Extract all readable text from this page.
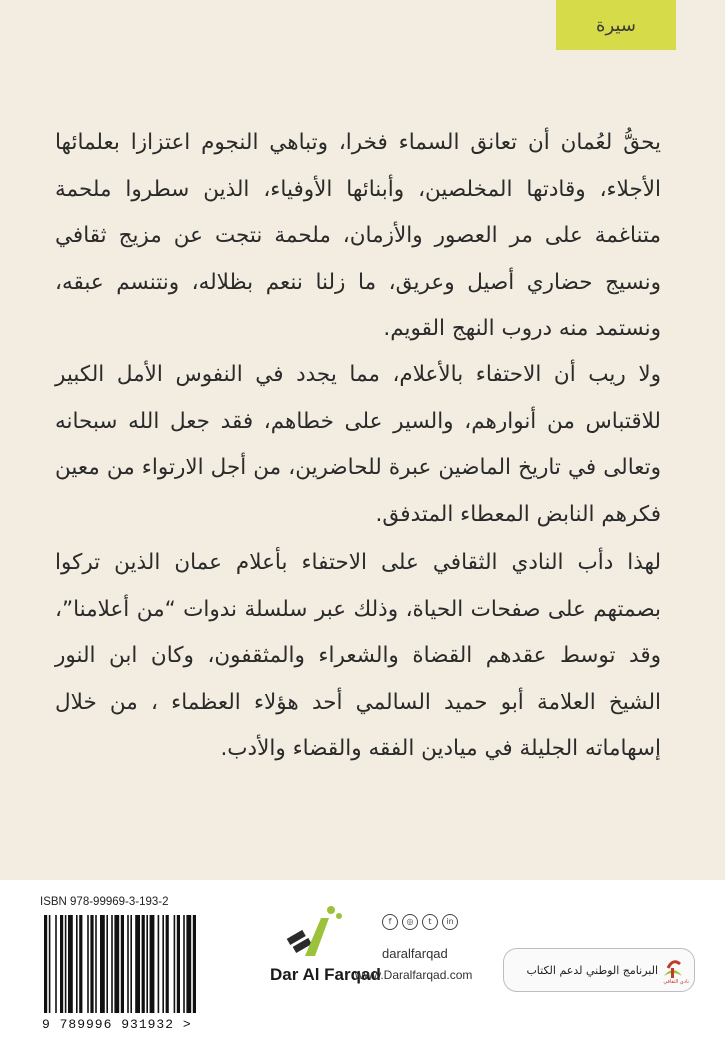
سيرة

يحقُّ لعُمان أن تعانق السماء فخرا، وتباهي النجوم اعتزازا بعلمائها الأجلاء، وقادتها المخلصين، وأبنائها الأوفياء، الذين سطروا ملحمة متناغمة على مر العصور والأزمان، ملحمة نتجت عن مزيج ثقافي ونسيج حضاري أصيل وعريق، ما زلنا ننعم بظلاله، ونتنسم عبقه، ونستمد منه دروب النهج القويم.

ولا ريب أن الاحتفاء بالأعلام، مما يجدد في النفوس الأمل الكبير للاقتباس من أنوارهم، والسير على خطاهم، فقد جعل الله سبحانه وتعالى في تاريخ الماضين عبرة للحاضرين، من أجل الارتواء من معين فكرهم النابض المعطاء المتدفق.

لهذا دأب النادي الثقافي على الاحتفاء بأعلام عمان الذين تركوا بصمتهم على صفحات الحياة، وذلك عبر سلسلة ندوات “من أعلامنا”، وقد توسط عقدهم القضاة والشعراء والمثقفون، وكان ابن النور الشيخ العلامة أبو حميد السالمي أحد هؤلاء العظماء ، من خلال إسهاماته الجليلة في ميادين الفقه والقضاء والأدب.

ISBN 978-99969-3-193-2
9 789996 931932 >
Dar Al Farqad
f	◎	t	in
daralfarqad
www.Daralfarqad.com	البرنامج الوطني لدعم الكتاب
نادي الثقافي
